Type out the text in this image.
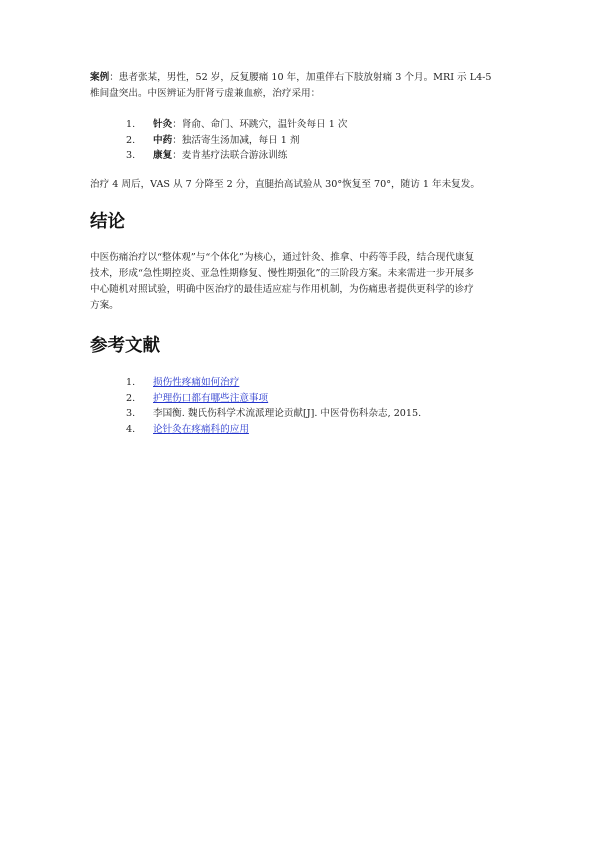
案例：患者张某，男性，52 岁，反复腰痛 10 年，加重伴右下肢放射痛 3 个月。MRI 示 L4-5
椎间盘突出。中医辨证为肝肾亏虚兼血瘀，治疗采用：

1. 针灸：肾俞、命门、环跳穴，温针灸每日 1 次
2. 中药：独活寄生汤加减，每日 1 剂
3. 康复：麦肯基疗法联合游泳训练

治疗 4 周后，VAS 从 7 分降至 2 分，直腿抬高试验从 30°恢复至 70°，随访 1 年未复发。

结论

中医伤痛治疗以“整体观”与“个体化”为核心，通过针灸、推拿、中药等手段，结合现代康复
技术，形成“急性期控炎、亚急性期修复、慢性期强化”的三阶段方案。未来需进一步开展多
中心随机对照试验，明确中医治疗的最佳适应症与作用机制，为伤痛患者提供更科学的诊疗
方案。

参考文献
1. 损伤性疼痛如何治疗
2. 护理伤口都有哪些注意事项
3. 李国衡. 魏氏伤科学术流派理论贡献[J]. 中医骨伤科杂志, 2015.
4. 论针灸在疼痛科的应用
